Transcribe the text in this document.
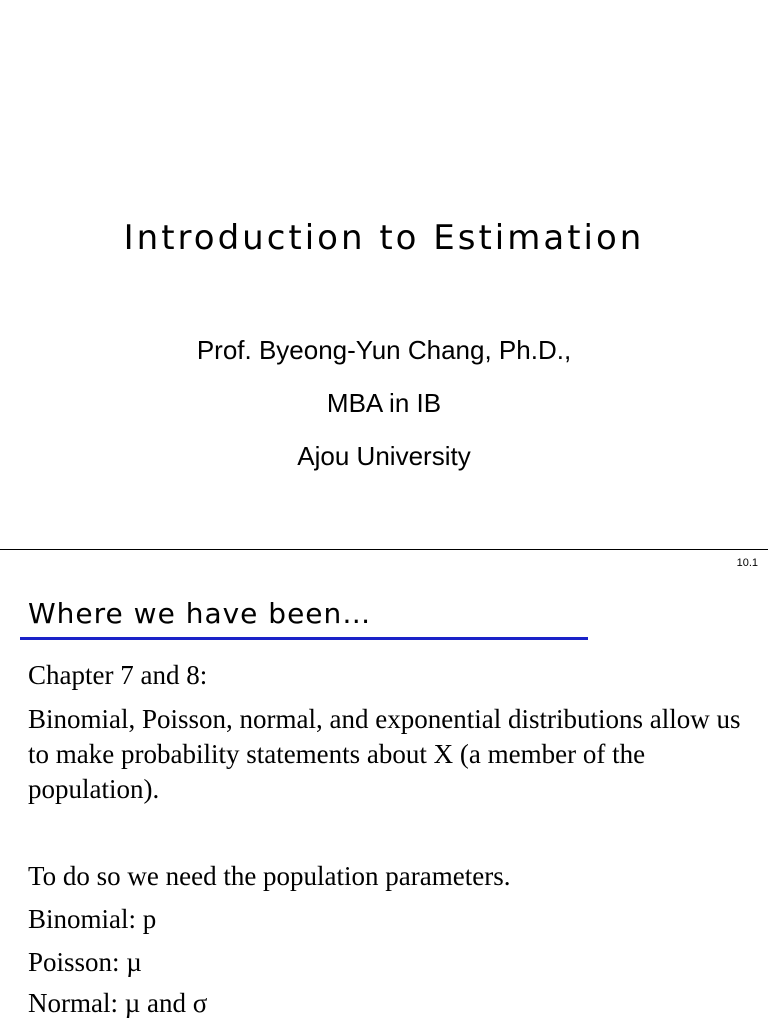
Introduction to Estimation
Prof. Byeong-Yun Chang, Ph.D.,
MBA in IB
Ajou University
10.1
Where we have been…
Chapter 7 and 8:
Binomial, Poisson, normal, and exponential distributions allow us to make probability statements about X (a member of the population).
To do so we need the population parameters.
Binomial: p
Poisson: µ
Normal: µ and σ
